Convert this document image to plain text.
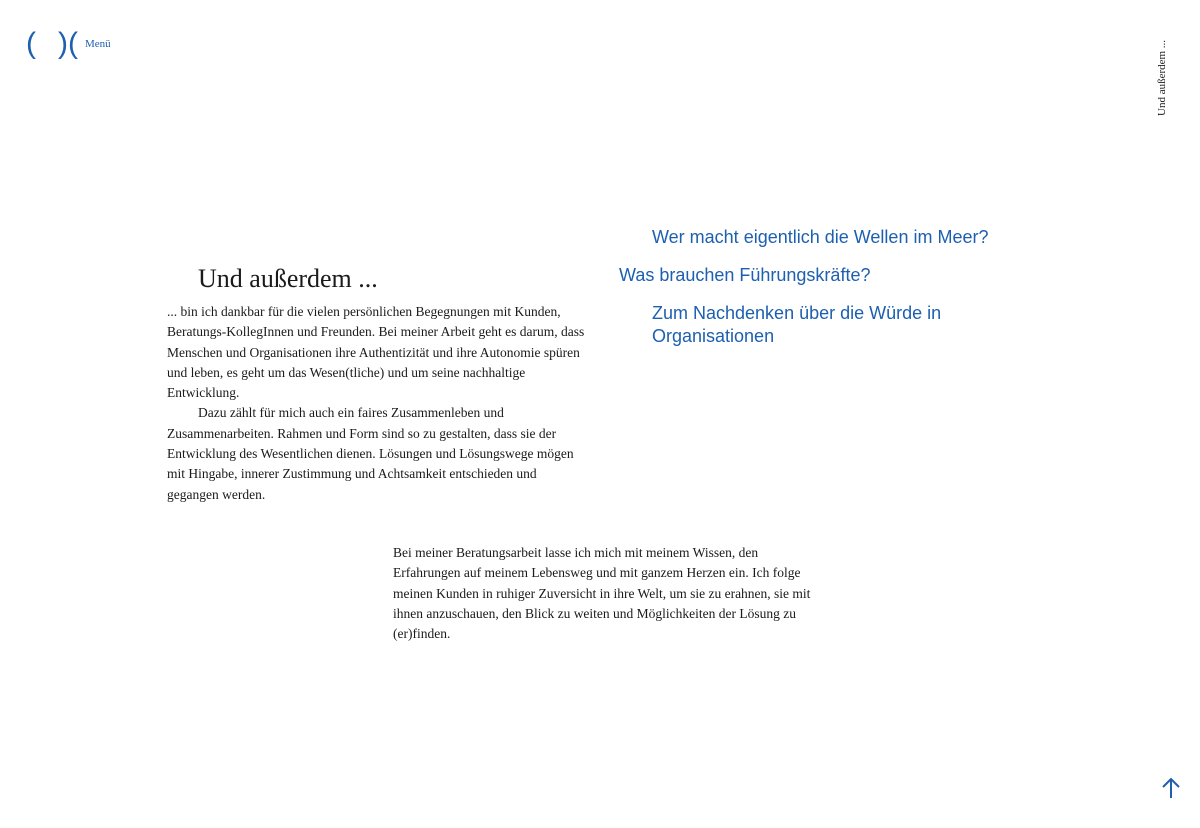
( ) ( Menü	Und außerdem ...
Und außerdem ...

... bin ich dankbar für die vielen persönlichen Begegnungen mit Kunden, Beratungs-KollegInnen und Freunden. Bei meiner Arbeit geht es darum, dass Menschen und Organisationen ihre Authentizität und ihre Autonomie spüren und leben, es geht um das Wesen(tliche) und um seine nachhaltige Entwicklung.

Dazu zählt für mich auch ein faires Zusammenleben und Zusammenarbeiten. Rahmen und Form sind so zu gestalten, dass sie der Entwicklung des Wesentlichen dienen. Lösungen und Lösungswege mögen mit Hingabe, innerer Zustimmung und Achtsamkeit entschieden und gegangen werden.

Wer macht eigentlich die Wellen im Meer?
Was brauchen Führungskräfte?
Zum Nachdenken über die Würde in Organisationen

Bei meiner Beratungsarbeit lasse ich mich mit meinem Wissen, den Erfahrungen auf meinem Lebensweg und mit ganzem Herzen ein. Ich folge meinen Kunden in ruhiger Zuversicht in ihre Welt, um sie zu erahnen, sie mit ihnen anzuschauen, den Blick zu weiten und Möglichkeiten der Lösung zu (er)finden.
